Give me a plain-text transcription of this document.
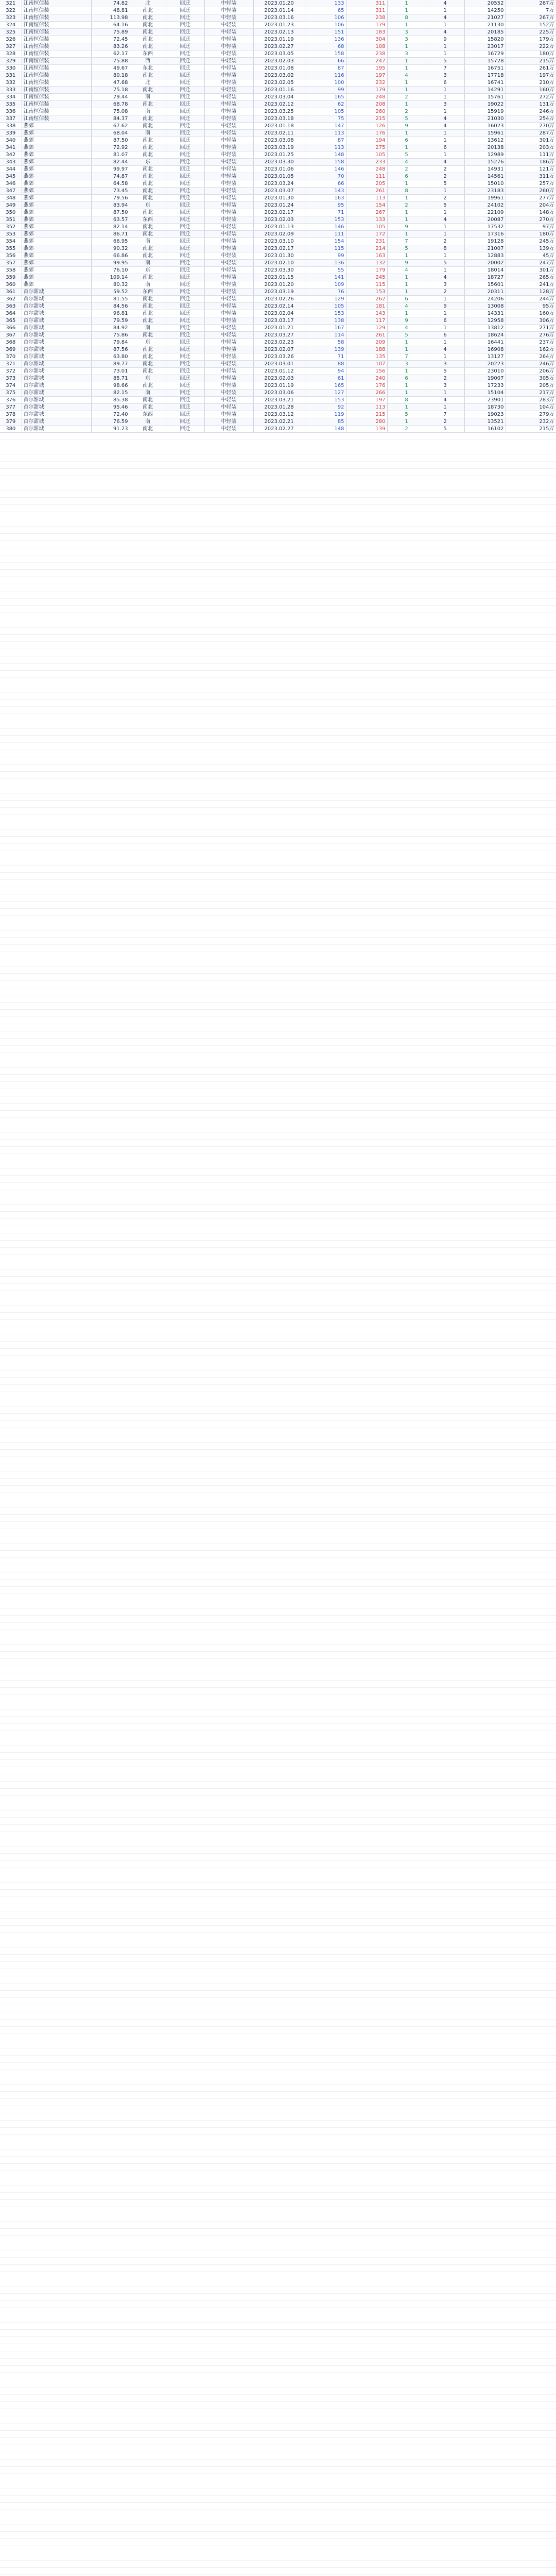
321	江南恒信装	74.82	北	回迁	中轻装	2023.01.20	133	311	1	4	20552	267万
322	江南恒信装	48.81	南北	回迁	中轻装	2023.01.14	65	311	1	1	14250	7万
323	江南恒信装	113.98	南北	回迁	中轻装	2023.03.16	106	238	8	4	21027	267万
324	江南恒信装	64.16	南北	回迁	中轻装	2023.01.23	106	179	1	1	21130	152万
325	江南恒信装	75.89	南北	回迁	中轻装	2023.02.13	151	183	3	4	20185	225万
326	江南恒信装	72.45	南北	回迁	中轻装	2023.01.19	136	304	3	9	15820	179万
327	江南恒信装	83.26	南北	回迁	中轻装	2023.02.27	68	108	1	1	23017	222万
328	江南恒信装	62.17	东西	回迁	中轻装	2023.03.05	158	238	3	1	16729	180万
329	江南恒信装	75.88	西	回迁	中轻装	2023.02.03	66	247	1	5	15728	215万
330	江南恒信装	49.67	东北	回迁	中轻装	2023.01.08	87	195	1	7	16751	261万
331	江南恒信装	80.18	南北	回迁	中轻装	2023.03.02	116	197	4	3	17718	197万
332	江南恒信装	47.68	北	回迁	中轻装	2023.02.05	100	232	1	6	16741	210万
333	江南恒信装	75.18	南北	回迁	中轻装	2023.01.16	99	179	1	1	14291	160万
334	江南恒信装	79.44	南	回迁	中轻装	2023.03.04	165	248	2	1	15761	272万
335	江南恒信装	68.78	南北	回迁	中轻装	2023.02.12	62	208	1	3	19022	131万
336	江南恒信装	75.08	南	回迁	中轻装	2023.03.25	105	260	2	1	15919	246万
337	江南恒信装	84.37	南北	回迁	中轻装	2023.03.18	75	215	5	4	21030	254万
338	燕郊	67.62	南北	回迁	中轻装	2023.01.18	147	126	9	4	16023	270万
339	燕郊	68.04	南	回迁	中轻装	2023.02.11	113	176	1	1	15961	287万
340	燕郊	87.50	南北	回迁	中轻装	2023.03.08	87	194	6	1	13612	301万
341	燕郊	72.92	南北	回迁	中轻装	2023.03.19	113	275	1	6	20138	203万
342	燕郊	81.07	南北	回迁	中轻装	2023.01.25	148	105	5	1	12989	111万
343	燕郊	82.44	东	回迁	中轻装	2023.03.30	158	233	4	4	15276	186万
344	燕郊	99.97	南北	回迁	中轻装	2023.01.06	146	248	2	2	14931	121万
345	燕郊	74.87	南北	回迁	中轻装	2023.01.05	70	111	6	2	14561	311万
346	燕郊	64.58	南北	回迁	中轻装	2023.03.24	66	205	1	5	15010	257万
347	燕郊	73.45	南北	回迁	中轻装	2023.03.07	143	261	8	1	23183	260万
348	燕郊	79.56	南北	回迁	中轻装	2023.01.30	163	113	1	2	19961	277万
349	燕郊	83.94	东	回迁	中轻装	2023.01.24	95	154	2	5	24102	204万
350	燕郊	87.50	南北	回迁	中轻装	2023.02.17	71	267	1	1	22109	148万
351	燕郊	63.57	东西	回迁	中轻装	2023.02.03	153	133	1	4	20087	270万
352	燕郊	82.14	南北	回迁	中轻装	2023.01.13	146	105	9	1	17532	97万
353	燕郊	86.71	南北	回迁	中轻装	2023.02.09	111	172	1	1	17316	180万
354	燕郊	66.95	南	回迁	中轻装	2023.03.10	154	231	7	2	19128	245万
355	燕郊	90.32	南北	回迁	中轻装	2023.02.17	115	214	5	8	21007	139万
356	燕郊	66.86	南北	回迁	中轻装	2023.01.30	99	163	1	1	12883	45万
357	燕郊	99.95	南	回迁	中轻装	2023.02.10	136	132	9	5	20002	247万
358	燕郊	76.10	东	回迁	中轻装	2023.03.30	55	179	4	1	18014	301万
359	燕郊	109.14	南北	回迁	中轻装	2023.01.15	141	245	1	4	18727	265万
360	燕郊	80.32	南	回迁	中轻装	2023.01.20	109	115	1	3	15601	241万
361	首尔甜城	59.52	东西	回迁	中轻装	2023.03.19	76	153	1	2	20311	128万
362	首尔甜城	81.55	南北	回迁	中轻装	2023.02.26	129	262	6	1	24206	244万
363	首尔甜城	84.56	南北	回迁	中轻装	2023.02.14	105	181	4	9	13008	95万
364	首尔甜城	96.81	南北	回迁	中轻装	2023.02.04	153	143	1	1	14331	160万
365	首尔甜城	79.59	南北	回迁	中轻装	2023.03.17	138	117	9	6	12958	306万
366	首尔甜城	84.92	南	回迁	中轻装	2023.01.21	167	129	4	1	13812	271万
367	首尔甜城	75.86	南北	回迁	中轻装	2023.03.27	114	261	5	6	18624	276万
368	首尔甜城	79.84	东	回迁	中轻装	2023.02.23	58	209	1	1	16441	237万
369	首尔甜城	87.56	南北	回迁	中轻装	2023.02.07	139	188	1	4	16908	162万
370	首尔甜城	63.80	南北	回迁	中轻装	2023.03.26	71	135	7	1	13127	264万
371	首尔甜城	89.77	南北	回迁	中轻装	2023.03.01	88	107	3	3	20223	246万
372	首尔甜城	73.01	南北	回迁	中轻装	2023.01.12	94	156	1	5	23010	206万
373	首尔甜城	85.71	东	回迁	中轻装	2023.02.03	61	240	6	2	19007	305万
374	首尔甜城	98.66	南北	回迁	中轻装	2023.01.19	165	176	1	3	17233	205万
375	首尔甜城	82.15	南	回迁	中轻装	2023.03.06	127	266	1	1	15104	217万
376	首尔甜城	85.38	南北	回迁	中轻装	2023.03.21	153	197	8	4	23901	283万
377	首尔甜城	95.46	南北	回迁	中轻装	2023.01.28	92	113	1	1	18730	104万
378	首尔甜城	72.40	东西	回迁	中轻装	2023.03.12	119	215	5	7	19023	279万
379	首尔甜城	76.59	南	回迁	中轻装	2023.02.21	85	280	1	2	13521	232万
380	首尔甜城	91.23	南北	回迁	中轻装	2023.02.27	148	139	2	5	16102	215万
